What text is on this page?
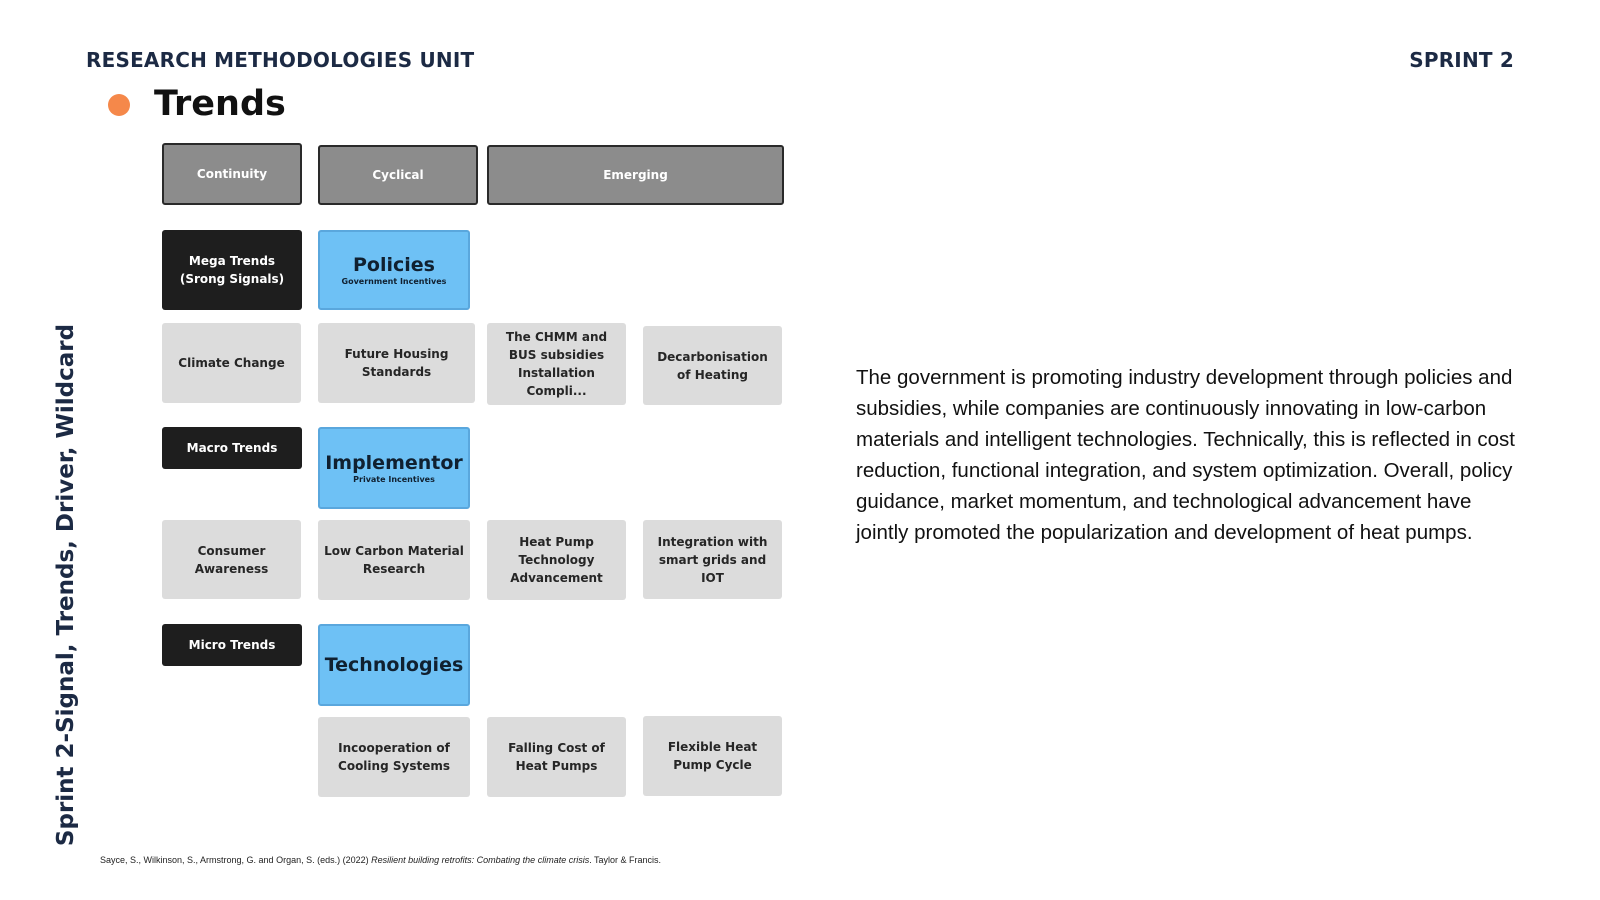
RESEARCH METHODOLOGIES UNIT	SPRINT 2
Trends
Sprint 2-Signal, Trends, Driver, Wildcard
Continuity	Cyclical	Emerging
Mega Trends
(Srong Signals)
Policies
Government Incentives
Climate Change
Future Housing Standards
The CHMM and BUS subsidies Installation Compli...
Decarbonisation of Heating
Macro Trends
Implementor
Private Incentives
Consumer Awareness
Low Carbon Material Research
Heat Pump Technology Advancement
Integration with smart grids and IOT
Micro Trends
Technologies
Incooperation of Cooling Systems
Falling Cost of Heat Pumps
Flexible Heat Pump Cycle

The government is promoting industry development through policies and subsidies, while companies are continuously innovating in low-carbon materials and intelligent technologies. Technically, this is reflected in cost reduction, functional integration, and system optimization. Overall, policy guidance, market momentum, and technological advancement have jointly promoted the popularization and development of heat pumps.

Sayce, S., Wilkinson, S., Armstrong, G. and Organ, S. (eds.) (2022) Resilient building retrofits: Combating the climate crisis. Taylor & Francis.
